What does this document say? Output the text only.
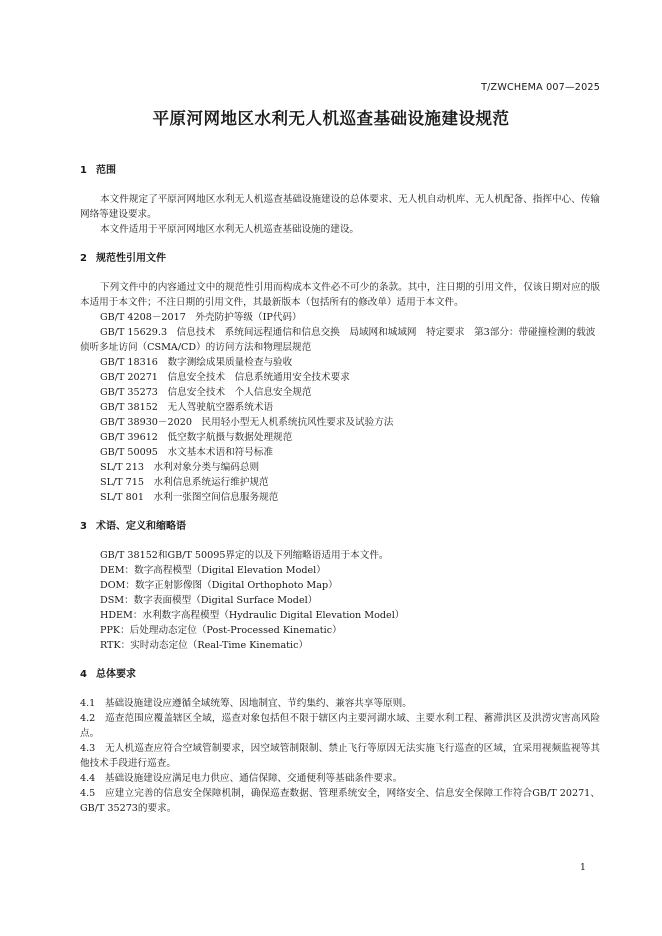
T/ZWCHEMA 007—2025
平原河网地区水利无人机巡查基础设施建设规范
1 范围

本文件规定了平原河网地区水利无人机巡查基础设施建设的总体要求、无人机自动机库、无人机配备、指挥中心、传输网络等建设要求。

本文件适用于平原河网地区水利无人机巡查基础设施的建设。

2 规范性引用文件

下列文件中的内容通过文中的规范性引用而构成本文件必不可少的条款。其中，注日期的引用文件，仅该日期对应的版本适用于本文件；不注日期的引用文件，其最新版本（包括所有的修改单）适用于本文件。

GB/T 4208－2017　外壳防护等级（IP代码）

GB/T 15629.3　信息技术　系统间远程通信和信息交换　局域网和城域网　特定要求　第3部分：带碰撞检测的载波侦听多址访问（CSMA/CD）的访问方法和物理层规范

GB/T 18316　数字测绘成果质量检查与验收

GB/T 20271　信息安全技术　信息系统通用安全技术要求

GB/T 35273　信息安全技术　个人信息安全规范

GB/T 38152　无人驾驶航空器系统术语

GB/T 38930－2020　民用轻小型无人机系统抗风性要求及试验方法

GB/T 39612　低空数字航摄与数据处理规范

GB/T 50095　水文基本术语和符号标准

SL/T 213　水利对象分类与编码总则

SL/T 715　水利信息系统运行维护规范

SL/T 801　水利一张图空间信息服务规范

3 术语、定义和缩略语

GB/T 38152和GB/T 50095界定的以及下列缩略语适用于本文件。

DEM：数字高程模型（Digital Elevation Model）

DOM：数字正射影像图（Digital Orthophoto Map）

DSM：数字表面模型（Digital Surface Model）

HDEM：水利数字高程模型（Hydraulic Digital Elevation Model）

PPK：后处理动态定位（Post-Processed Kinematic）

RTK：实时动态定位（Real-Time Kinematic）

4 总体要求

4.1　基础设施建设应遵循全域统筹、因地制宜、节约集约、兼容共享等原则。

4.2　巡查范围应覆盖辖区全域，巡查对象包括但不限于辖区内主要河湖水域、主要水利工程、蓄滞洪区及洪涝灾害高风险点。

4.3　无人机巡查应符合空域管制要求，因空域管制限制、禁止飞行等原因无法实施飞行巡查的区域，宜采用视频监视等其他技术手段进行巡查。

4.4　基础设施建设应满足电力供应、通信保障、交通便利等基础条件要求。

4.5　应建立完善的信息安全保障机制，确保巡查数据、管理系统安全，网络安全、信息安全保障工作符合GB/T 20271、GB/T 35273的要求。

1
